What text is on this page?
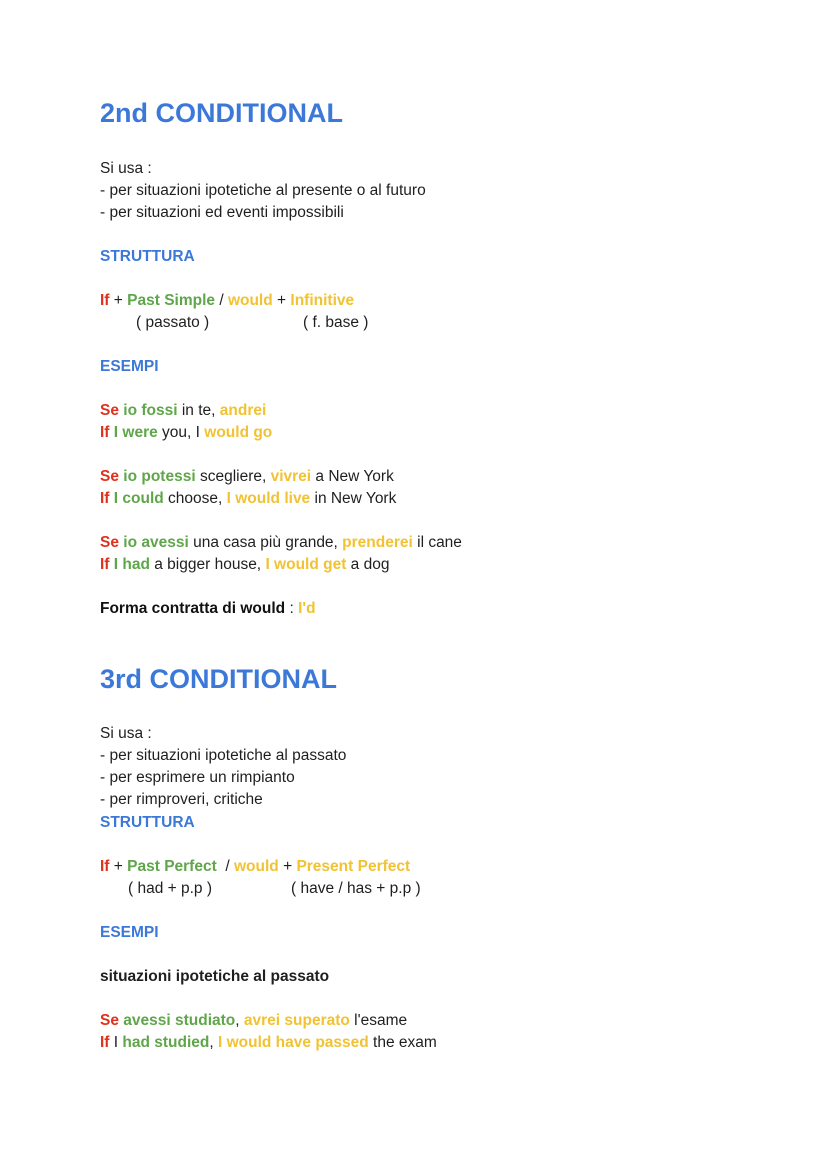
2nd CONDITIONAL

Si usa :

- per situazioni ipotetiche al presente o al futuro

- per situazioni ed eventi impossibili

STRUTTURA

If + Past Simple / would + Infinitive

( passato )	( f. base )

ESEMPI

Se io fossi in te, andrei

If I were you, I would go

Se io potessi scegliere, vivrei a New York

If I could choose, I would live in New York

Se io avessi una casa più grande, prenderei il cane

If I had a bigger house, I would get a dog

Forma contratta di would : I'd

3rd CONDITIONAL

Si usa :

- per situazioni ipotetiche al passato

- per esprimere un rimpianto

- per rimproveri, critiche

STRUTTURA

If + Past Perfect  / would + Present Perfect

( had + p.p )	( have / has + p.p )

ESEMPI

situazioni ipotetiche al passato

Se avessi studiato, avrei superato l'esame

If I had studied, I would have passed the exam
